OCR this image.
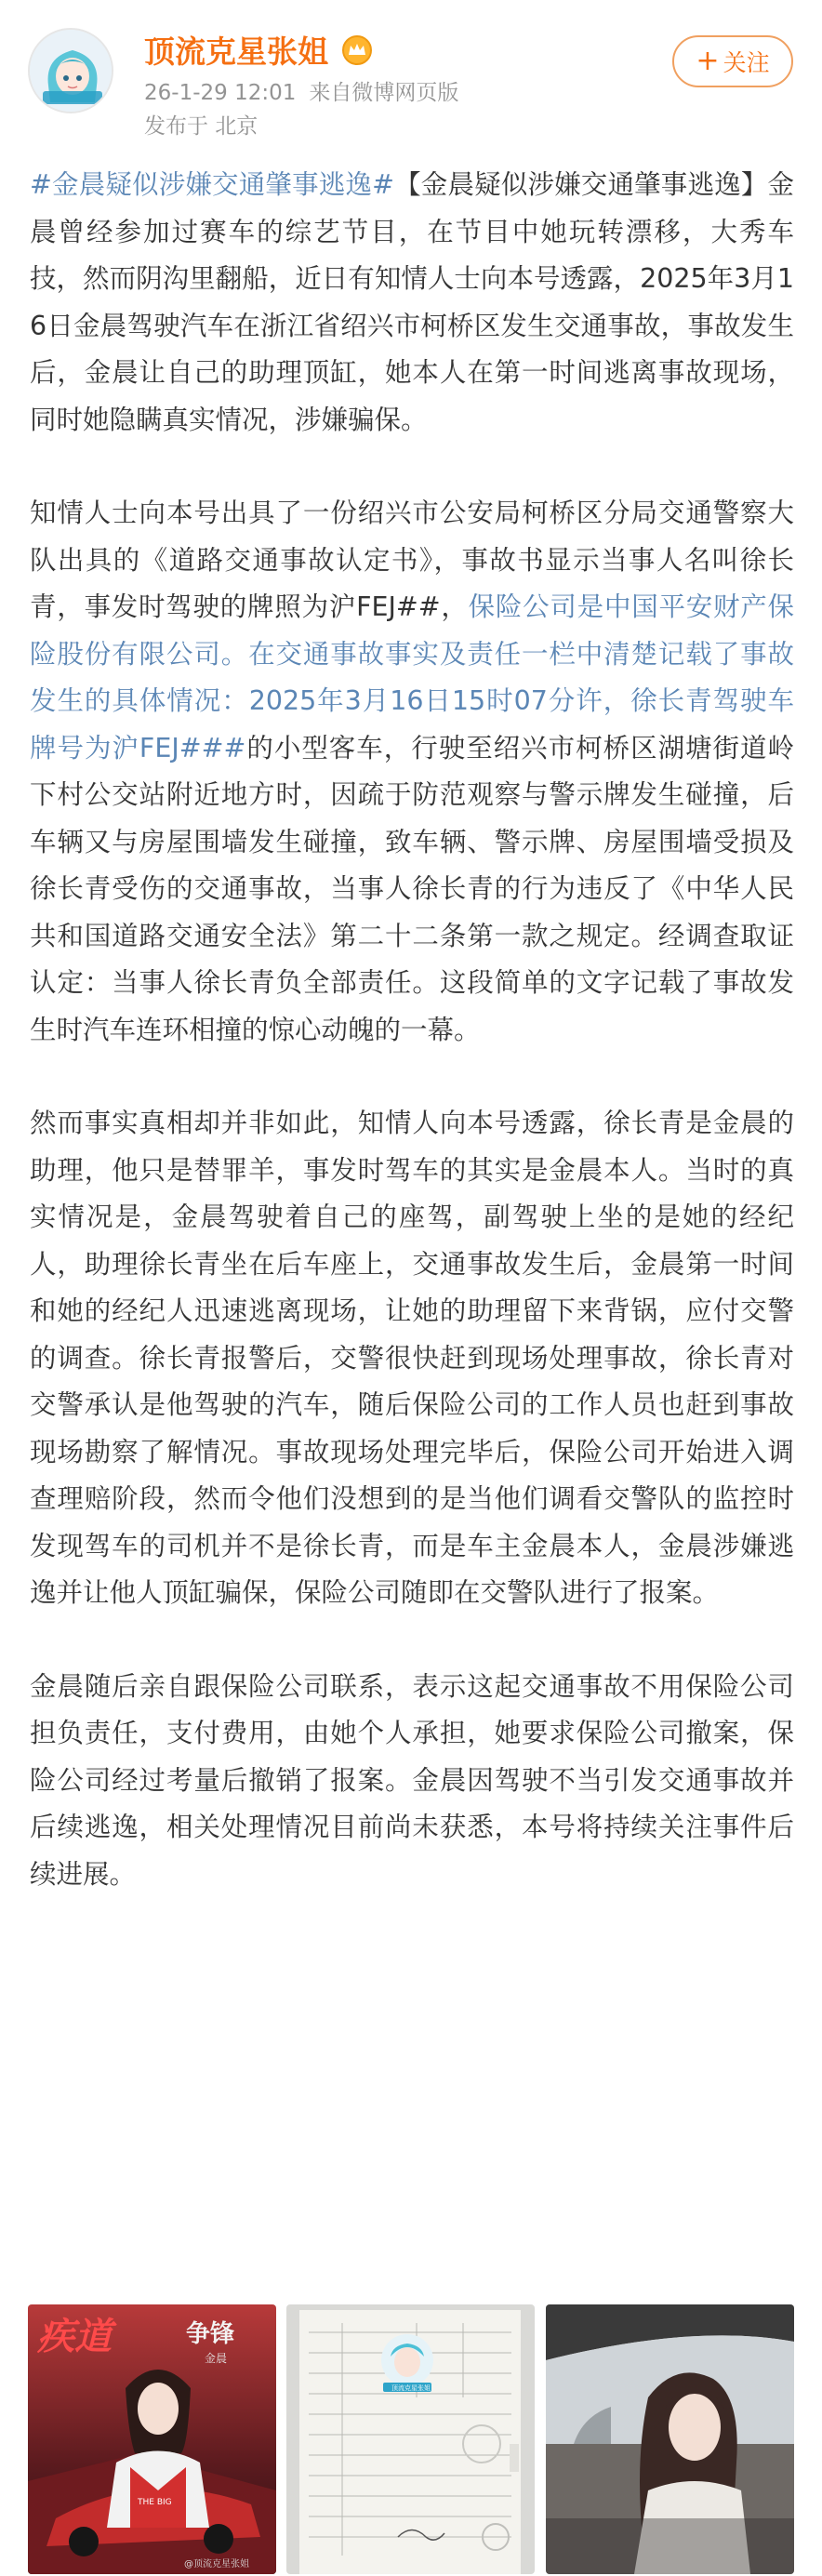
顶流克星张姐
26-1-29 12:01 来自微博网页版
发布于 北京
+ 关注

#金晨疑似涉嫌交通肇事逃逸#【金晨疑似涉嫌交通肇事逃逸】金晨曾经参加过赛车的综艺节目，在节目中她玩转漂移，大秀车技，然而阴沟里翻船，近日有知情人士向本号透露，2025年3月16日金晨驾驶汽车在浙江省绍兴市柯桥区发生交通事故，事故发生后，金晨让自己的助理顶缸，她本人在第一时间逃离事故现场，同时她隐瞒真实情况，涉嫌骗保。

知情人士向本号出具了一份绍兴市公安局柯桥区分局交通警察大队出具的《道路交通事故认定书》，事故书显示当事人名叫徐长青，事发时驾驶的牌照为沪FEJ##，保险公司是中国平安财产保险股份有限公司。在交通事故事实及责任一栏中清楚记载了事故发生的具体情况：2025年3月16日15时07分许，徐长青驾驶车牌号为沪FEJ###的小型客车，行驶至绍兴市柯桥区湖塘街道岭下村公交站附近地方时，因疏于防范观察与警示牌发生碰撞，后车辆又与房屋围墙发生碰撞，致车辆、警示牌、房屋围墙受损及徐长青受伤的交通事故，当事人徐长青的行为违反了《中华人民共和国道路交通安全法》第二十二条第一款之规定。经调查取证认定：当事人徐长青负全部责任。这段简单的文字记载了事故发生时汽车连环相撞的惊心动魄的一幕。

然而事实真相却并非如此，知情人向本号透露，徐长青是金晨的助理，他只是替罪羊，事发时驾车的其实是金晨本人。当时的真实情况是，金晨驾驶着自己的座驾，副驾驶上坐的是她的经纪人，助理徐长青坐在后车座上，交通事故发生后，金晨第一时间和她的经纪人迅速逃离现场，让她的助理留下来背锅，应付交警的调查。徐长青报警后，交警很快赶到现场处理事故，徐长青对交警承认是他驾驶的汽车，随后保险公司的工作人员也赶到事故现场勘察了解情况。事故现场处理完毕后，保险公司开始进入调查理赔阶段，然而令他们没想到的是当他们调看交警队的监控时发现驾车的司机并不是徐长青，而是车主金晨本人，金晨涉嫌逃逸并让他人顶缸骗保，保险公司随即在交警队进行了报案。

金晨随后亲自跟保险公司联系，表示这起交通事故不用保险公司担负责任，支付费用，由她个人承担，她要求保险公司撤案，保险公司经过考量后撤销了报案。金晨因驾驶不当引发交通事故并后续逃逸，相关处理情况目前尚未获悉，本号将持续关注事件后续进展。

THE BIG
疾道	争锋
金晨
@顶流克星张姐
顶流克星张姐
